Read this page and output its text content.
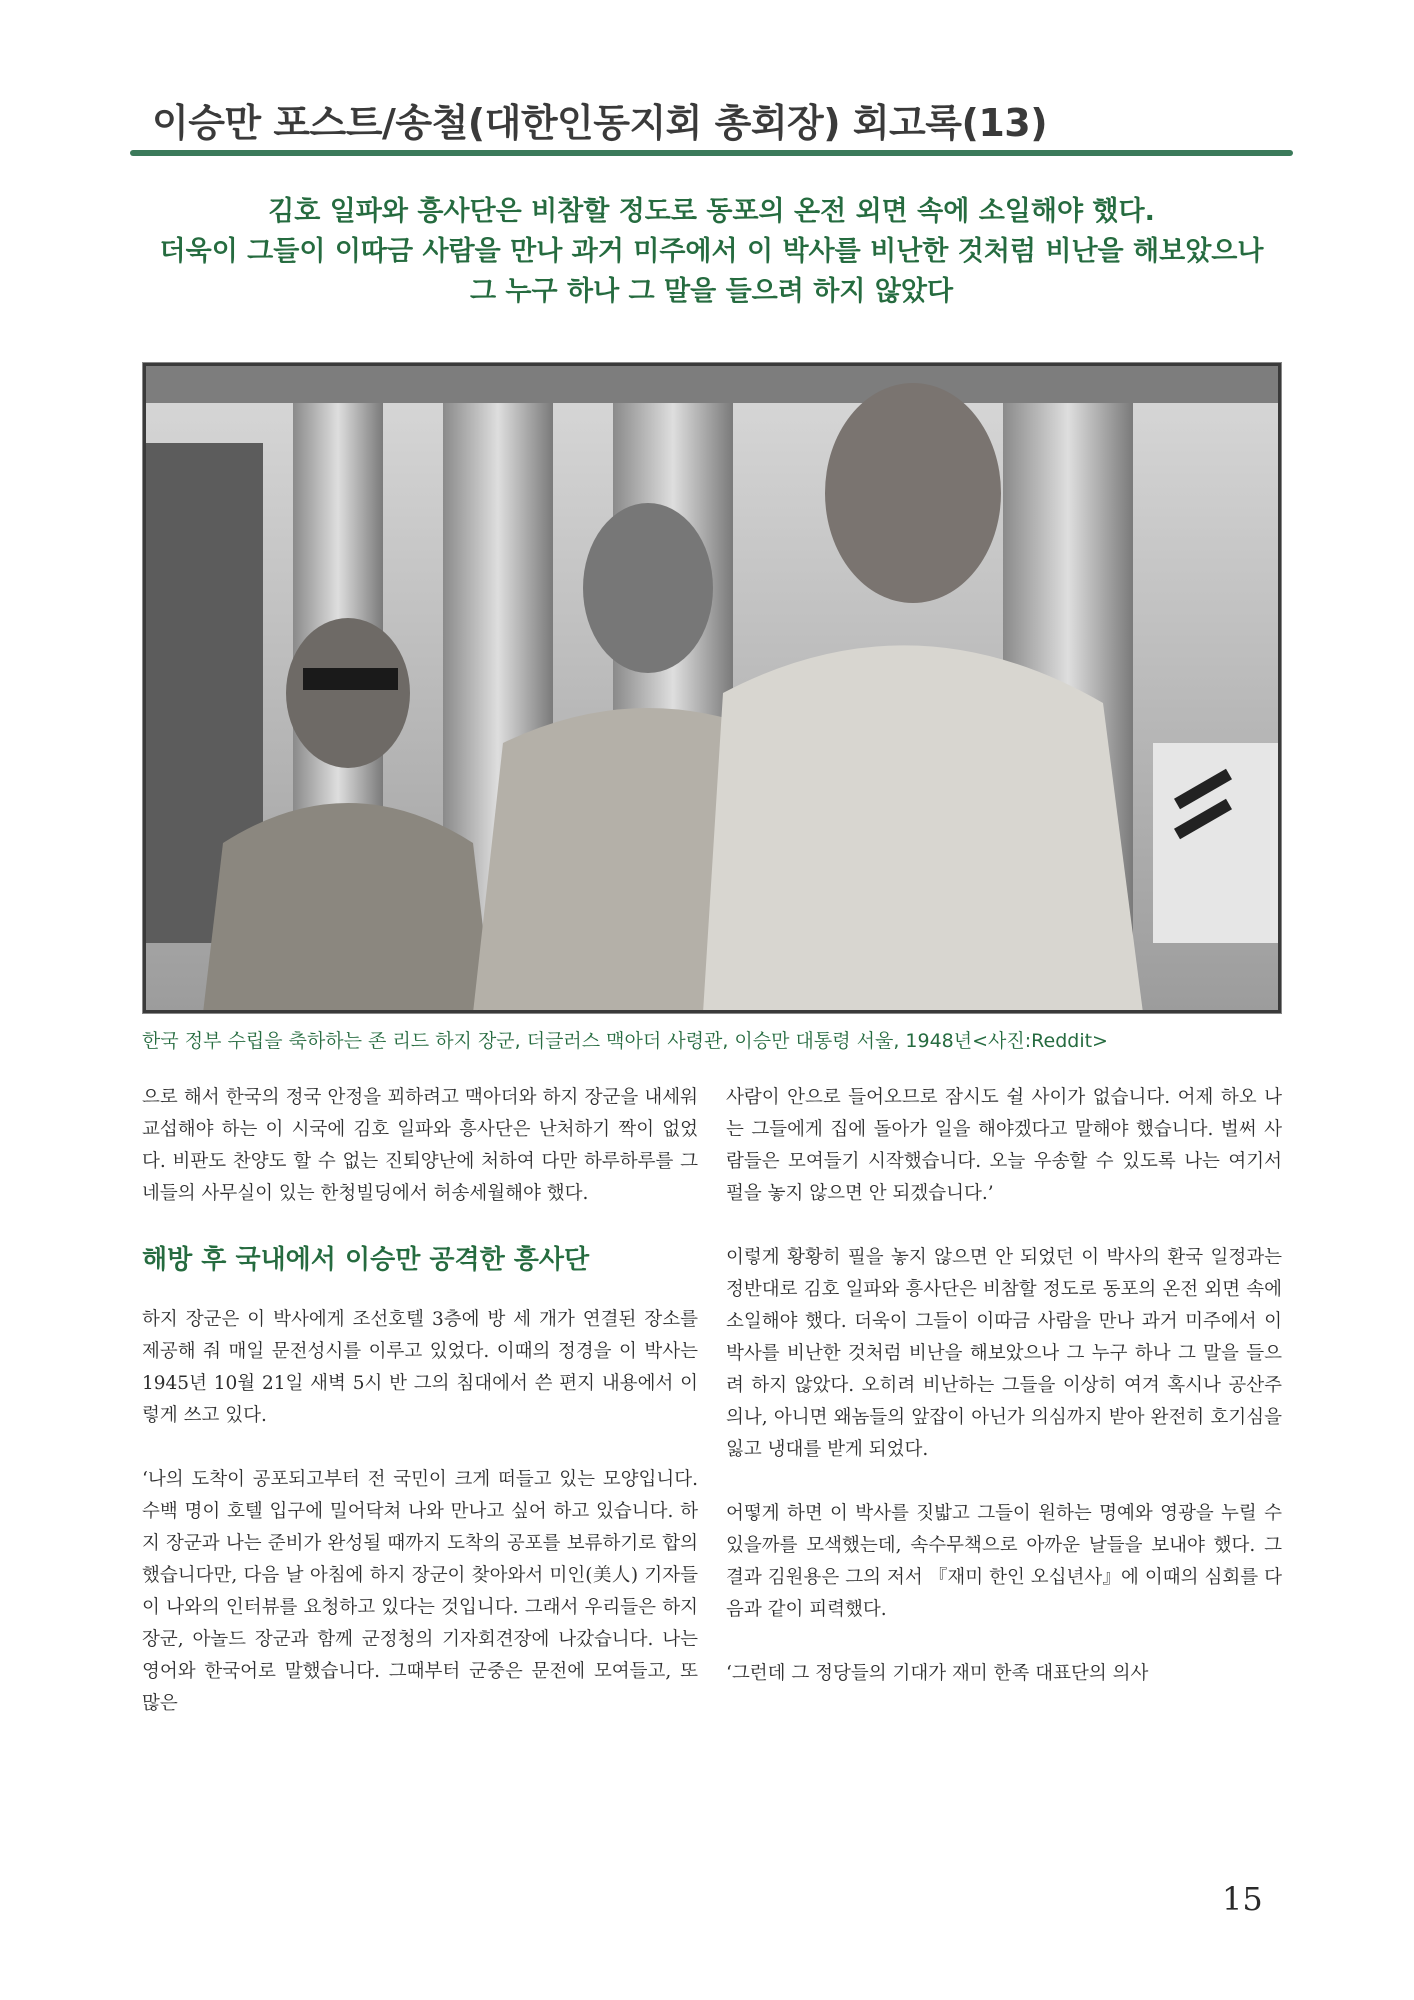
이승만 포스트/송철(대한인동지회 총회장) 회고록(13)
김호 일파와 흥사단은 비참할 정도로 동포의 온전 외면 속에 소일해야 했다.
더욱이 그들이 이따금 사람을 만나 과거 미주에서 이 박사를 비난한 것처럼 비난을 해보았으나
그 누구 하나 그 말을 들으려 하지 않았다
한국 정부 수립을 축하하는 존 리드 하지 장군, 더글러스 맥아더 사령관, 이승만 대통령 서울, 1948년<사진:Reddit>

으로 해서 한국의 정국 안정을 꾀하려고 맥아더와 하지 장군을 내세워 교섭해야 하는 이 시국에 김호 일파와 흥사단은 난처하기 짝이 없었다. 비판도 찬양도 할 수 없는 진퇴양난에 처하여 다만 하루하루를 그네들의 사무실이 있는 한청빌딩에서 허송세월해야 했다.

해방 후 국내에서 이승만 공격한 흥사단

하지 장군은 이 박사에게 조선호텔 3층에 방 세 개가 연결된 장소를 제공해 줘 매일 문전성시를 이루고 있었다. 이때의 정경을 이 박사는 1945년 10월 21일 새벽 5시 반 그의 침대에서 쓴 편지 내용에서 이렇게 쓰고 있다.

‘나의 도착이 공포되고부터 전 국민이 크게 떠들고 있는 모양입니다. 수백 명이 호텔 입구에 밀어닥쳐 나와 만나고 싶어 하고 있습니다. 하지 장군과 나는 준비가 완성될 때까지 도착의 공포를 보류하기로 합의했습니다만, 다음 날 아침에 하지 장군이 찾아와서 미인(美人) 기자들이 나와의 인터뷰를 요청하고 있다는 것입니다. 그래서 우리들은 하지 장군, 아놀드 장군과 함께 군정청의 기자회견장에 나갔습니다. 나는 영어와 한국어로 말했습니다. 그때부터 군중은 문전에 모여들고, 또 많은

사람이 안으로 들어오므로 잠시도 쉴 사이가 없습니다. 어제 하오 나는 그들에게 집에 돌아가 일을 해야겠다고 말해야 했습니다. 벌써 사람들은 모여들기 시작했습니다. 오늘 우송할 수 있도록 나는 여기서 펄을 놓지 않으면 안 되겠습니다.’

이렇게 황황히 필을 놓지 않으면 안 되었던 이 박사의 환국 일정과는 정반대로 김호 일파와 흥사단은 비참할 정도로 동포의 온전 외면 속에 소일해야 했다. 더욱이 그들이 이따금 사람을 만나 과거 미주에서 이 박사를 비난한 것처럼 비난을 해보았으나 그 누구 하나 그 말을 들으려 하지 않았다. 오히려 비난하는 그들을 이상히 여겨 혹시나 공산주의나, 아니면 왜놈들의 앞잡이 아닌가 의심까지 받아 완전히 호기심을 잃고 냉대를 받게 되었다.

어떻게 하면 이 박사를 짓밟고 그들이 원하는 명예와 영광을 누릴 수 있을까를 모색했는데, 속수무책으로 아까운 날들을 보내야 했다. 그 결과 김원용은 그의 저서 『재미 한인 오십년사』에 이때의 심회를 다음과 같이 피력했다.

‘그런데 그 정당들의 기대가 재미 한족 대표단의 의사

15
